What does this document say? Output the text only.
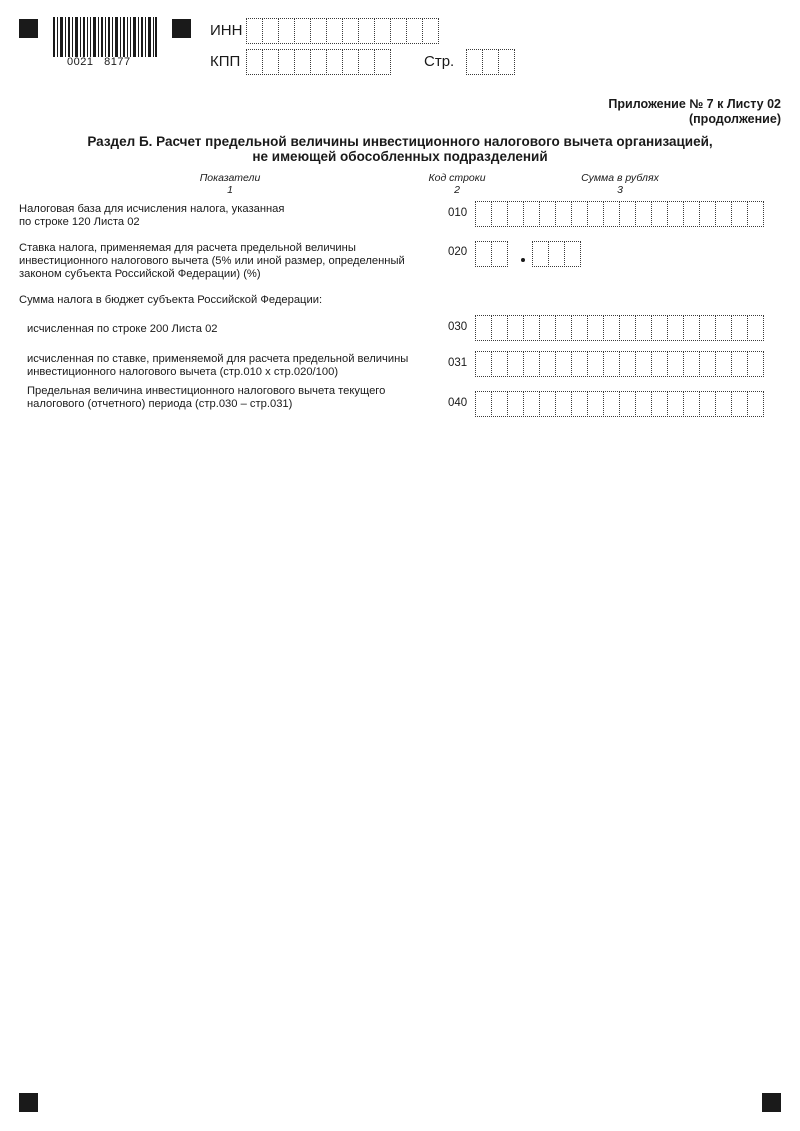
0021   8177
ИНН
КПП	Стр.
Приложение № 7 к Листу 02
(продолжение)
Раздел Б. Расчет предельной величины инвестиционного налогового вычета организацией,
не имеющей обособленных подразделений
Показатели
1
Код строки
2
Сумма в рублях
3
Налоговая база для исчисления налога, указанная
по строке 120 Листа 02
010
Ставка налога, применяемая для расчета предельной величины
инвестиционного налогового вычета (5% или иной размер, определенный
законом субъекта Российской Федерации) (%)
020
Сумма налога в бюджет субъекта Российской Федерации:
исчисленная по строке 200 Листа 02	030
исчисленная по ставке, применяемой для расчета предельной величины
инвестиционного налогового вычета (стр.010 х стр.020/100)
031
Предельная величина инвестиционного налогового вычета текущего
налогового (отчетного) периода (стр.030 – стр.031)	040
